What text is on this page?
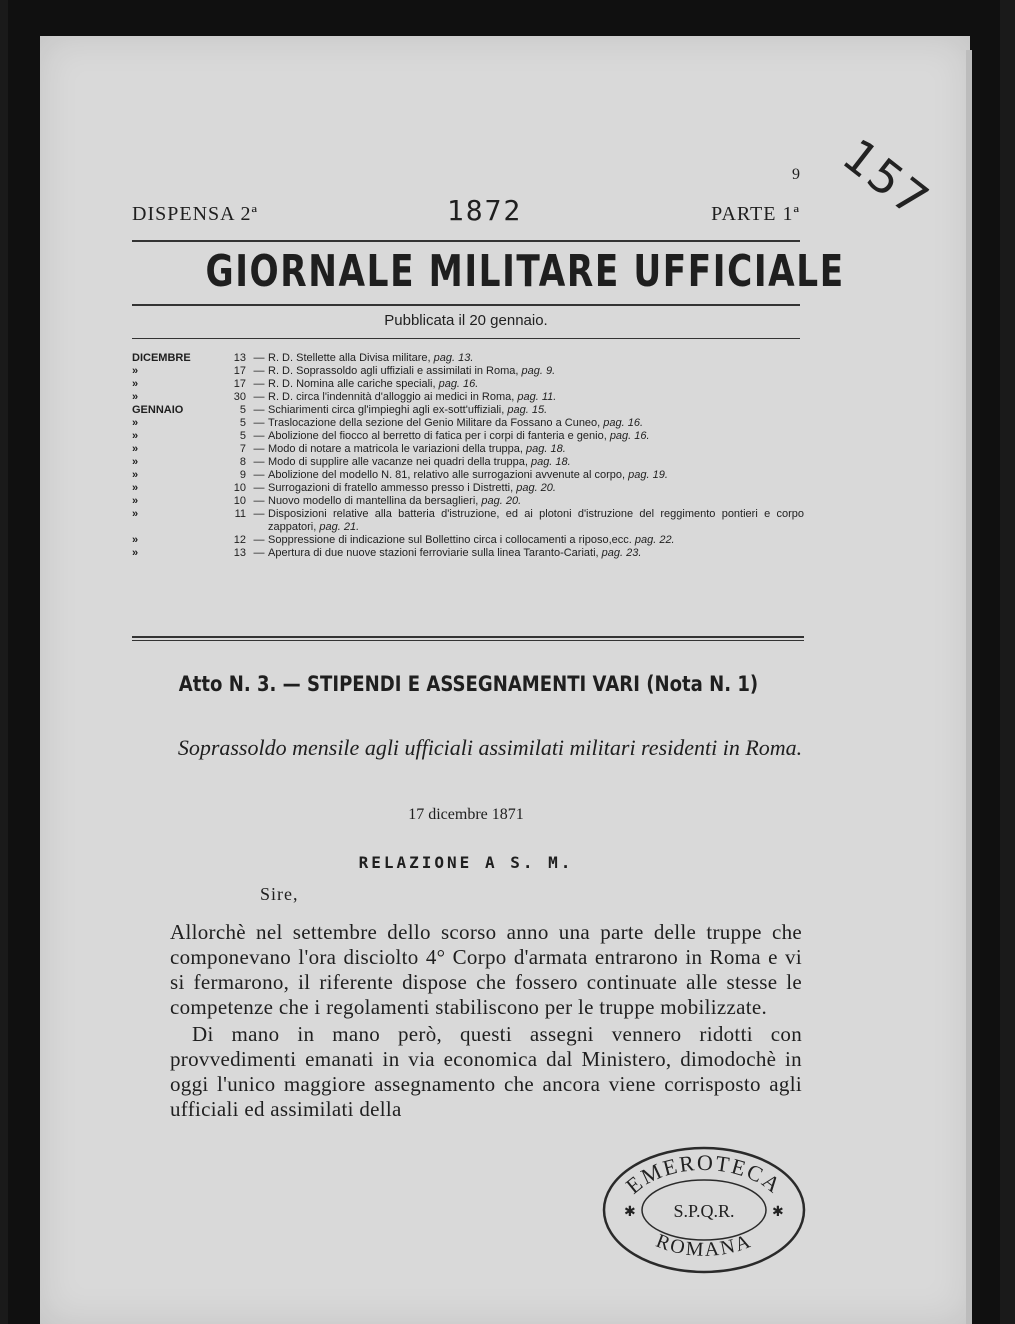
157
9
DISPENSA 2ª	1872	PARTE 1ª
GIORNALE MILITARE UFFICIALE
Pubblicata il 20 gennaio.
DICEMBRE	13 — R. D. Stellette alla Divisa militare, pag. 13.
»	17 — R. D. Soprassoldo agli uffiziali e assimilati in Roma, pag. 9.
»	17 — R. D. Nomina alle cariche speciali, pag. 16.
»	30 — R. D. circa l'indennità d'alloggio ai medici in Roma, pag. 11.
GENNAIO	5 — Schiarimenti circa gl'impieghi agli ex-sott'uffiziali, pag. 15.
»	5 — Traslocazione della sezione del Genio Militare da Fossano a Cuneo, pag. 16.
»	5 — Abolizione del fiocco al berretto di fatica per i corpi di fanteria e genio, pag. 16.
»	7 — Modo di notare a matricola le variazioni della truppa, pag. 18.
»	8 — Modo di supplire alle vacanze nei quadri della truppa, pag. 18.
»	9 — Abolizione del modello N. 81, relativo alle surrogazioni avvenute al corpo, pag. 19.
»	10 — Surrogazioni di fratello ammesso presso i Distretti, pag. 20.
»	10 — Nuovo modello di mantellina da bersaglieri, pag. 20.
»	11 — Disposizioni relative alla batteria d'istruzione, ed ai plotoni d'istruzione del reggimento pontieri e corpo zappatori, pag. 21.
»	12 — Soppressione di indicazione sul Bollettino circa i collocamenti a riposo,ecc. pag. 22.
»	13 — Apertura di due nuove stazioni ferroviarie sulla linea Taranto-Cariati, pag. 23.
Atto N. 3. — STIPENDI E ASSEGNAMENTI VARI (Nota N. 1)
Soprassoldo mensile agli ufficiali assimilati militari residenti in Roma.
17 dicembre 1871
RELAZIONE A S. M.
Sire,

Allorchè nel settembre dello scorso anno una parte delle truppe che componevano l'ora disciolto 4° Corpo d'armata entrarono in Roma e vi si fermarono, il riferente dispose che fossero continuate alle stesse le competenze che i regolamenti stabiliscono per le truppe mobilizzate.

Di mano in mano però, questi assegni vennero ridotti con provvedimenti emanati in via economica dal Ministero, dimodochè in oggi l'unico maggiore assegnamento che ancora viene corrisposto agli ufficiali ed assimilati della

EMEROTECA
ROMANA
S.P.Q.R.
✱	✱
